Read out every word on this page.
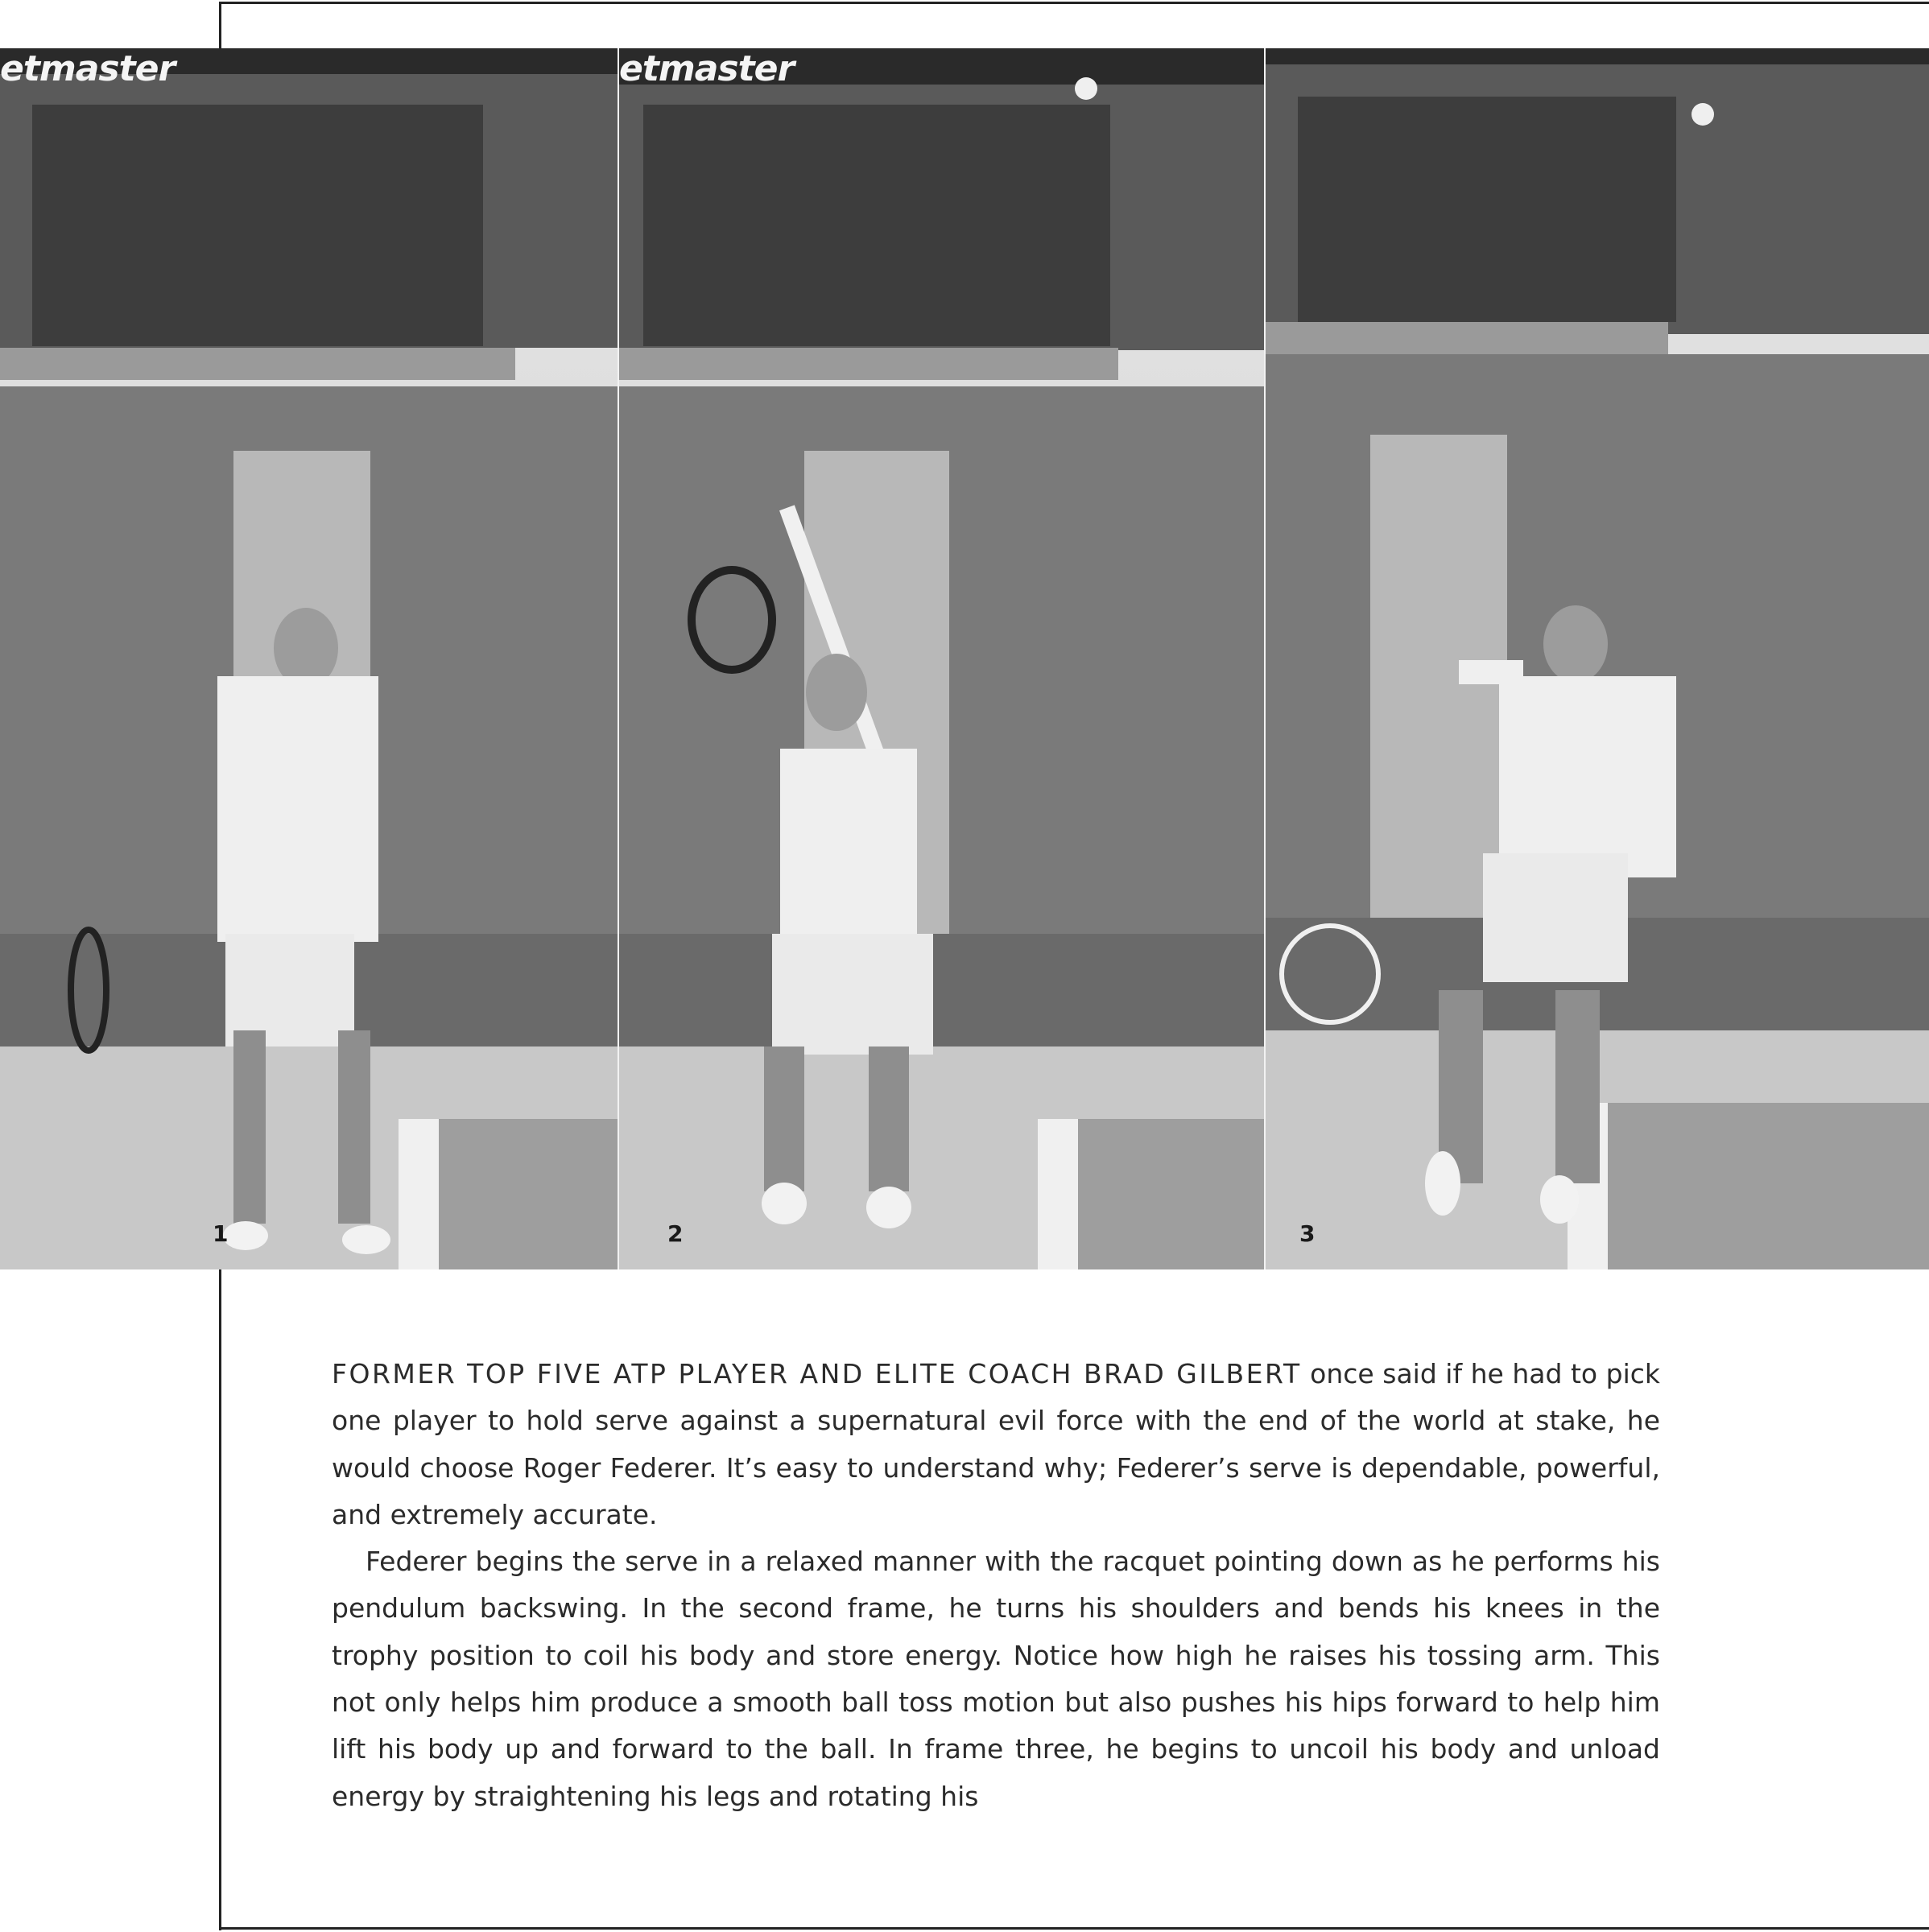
etmaster
1
etmaster
2	3

FORMER TOP FIVE ATP PLAYER AND ELITE COACH BRAD GILBERT once said if he had to pick one player to hold serve against a supernatural evil force with the end of the world at stake, he would choose Roger Federer. It’s easy to understand why; Federer’s serve is dependable, powerful, and extremely accurate.

Federer begins the serve in a relaxed manner with the racquet pointing down as he performs his pendulum backswing. In the second frame, he turns his shoulders and bends his knees in the trophy position to coil his body and store energy. Notice how high he raises his tossing arm. This not only helps him produce a smooth ball toss motion but also pushes his hips forward to help him lift his body up and forward to the ball. In frame three, he begins to uncoil his body and unload energy by straightening his legs and rotating his
